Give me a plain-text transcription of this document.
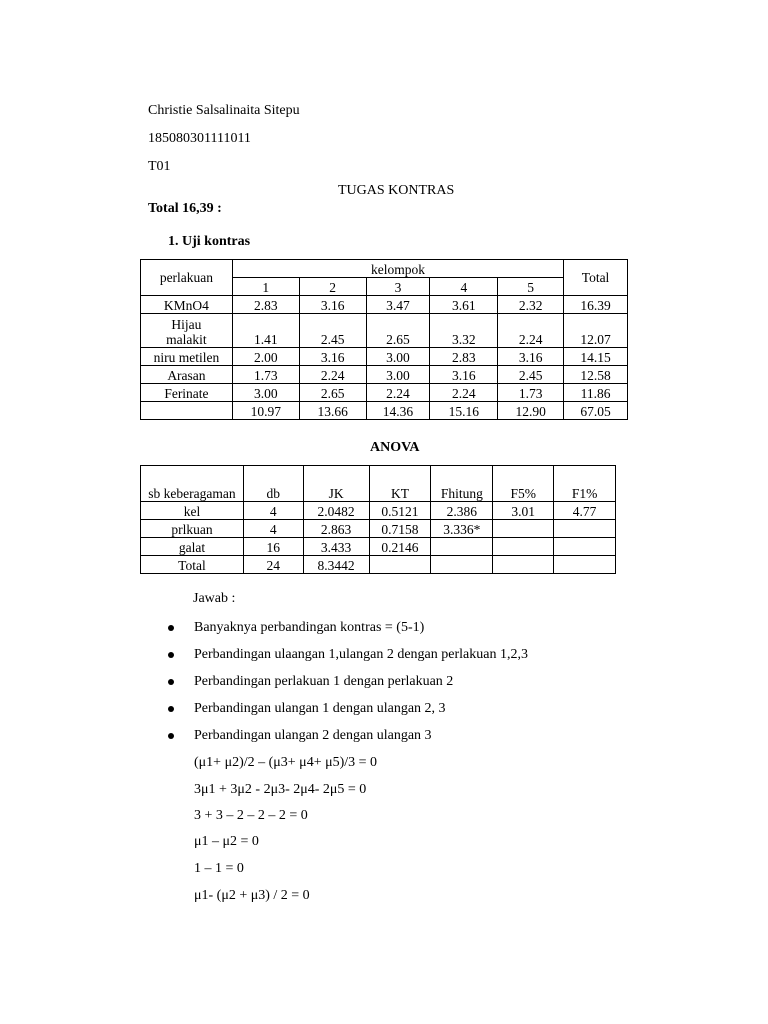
Christie Salsalinaita Sitepu
185080301111011
T01
TUGAS KONTRAS
Total 16,39 :
1. Uji kontras
perlakuan	kelompok					Total
	1	2	3	4	5	
KMnO4	2.83	3.16	3.47	3.61	2.32	16.39
Hijau malakit	1.41	2.45	2.65	3.32	2.24	12.07
niru metilen	2.00	3.16	3.00	2.83	3.16	14.15
Arasan	1.73	2.24	3.00	3.16	2.45	12.58
Ferinate	3.00	2.65	2.24	2.24	1.73	11.86
	10.97	13.66	14.36	15.16	12.90	67.05
ANOVA
sb keberagaman	db	JK	KT	Fhitung	F5%	F1%
kel	4	2.0482	0.5121	2.386	3.01	4.77
prlkuan	4	2.863	0.7158	3.336*		
galat	16	3.433	0.2146			
Total	24	8.3442				
Jawab :
Banyaknya perbandingan kontras = (5-1)
Perbandingan ulaangan 1,ulangan 2 dengan perlakuan 1,2,3
Perbandingan perlakuan 1 dengan perlakuan 2
Perbandingan ulangan 1 dengan ulangan 2, 3
Perbandingan ulangan 2 dengan ulangan 3
(μ1+ μ2)/2 – (μ3+ μ4+ μ5)/3 = 0
3μ1 + 3μ2 - 2μ3- 2μ4- 2μ5 = 0
3 + 3 – 2 – 2 – 2 = 0
μ1 – μ2 = 0
1 – 1 = 0
μ1- (μ2 + μ3) / 2 = 0
